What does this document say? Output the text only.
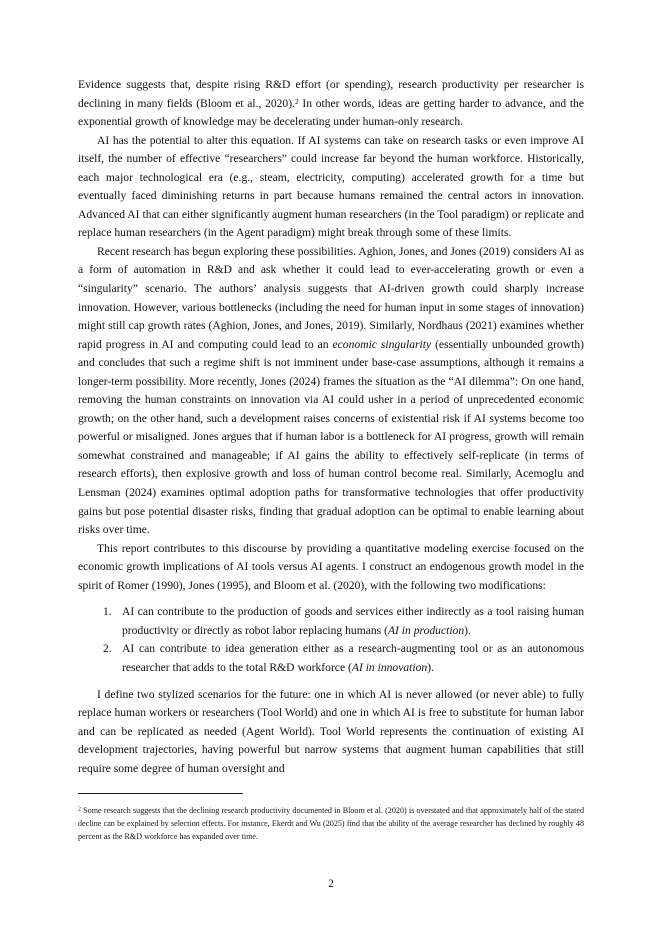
Evidence suggests that, despite rising R&D effort (or spending), research productivity per researcher is declining in many fields (Bloom et al., 2020).$^2$ In other words, ideas are getting harder to advance, and the exponential growth of knowledge may be decelerating under human-only research.

AI has the potential to alter this equation. If AI systems can take on research tasks or even improve AI itself, the number of effective “researchers” could increase far beyond the human workforce. Historically, each major technological era (e.g., steam, electricity, computing) accelerated growth for a time but eventually faced diminishing returns in part because humans remained the central actors in innovation. Advanced AI that can either significantly augment human researchers (in the Tool paradigm) or replicate and replace human researchers (in the Agent paradigm) might break through some of these limits.

Recent research has begun exploring these possibilities. Aghion, Jones, and Jones (2019) considers AI as a form of automation in R&D and ask whether it could lead to ever-accelerating growth or even a “singularity” scenario. The authors’ analysis suggests that AI-driven growth could sharply increase innovation. However, various bottlenecks (including the need for human input in some stages of innovation) might still cap growth rates (Aghion, Jones, and Jones, 2019). Similarly, Nordhaus (2021) examines whether rapid progress in AI and computing could lead to an economic singularity (essentially unbounded growth) and concludes that such a regime shift is not imminent under base-case assumptions, although it remains a longer-term possibility. More recently, Jones (2024) frames the situation as the “AI dilemma”: On one hand, removing the human constraints on innovation via AI could usher in a period of unprecedented economic growth; on the other hand, such a development raises concerns of existential risk if AI systems become too powerful or misaligned. Jones argues that if human labor is a bottleneck for AI progress, growth will remain somewhat constrained and manageable; if AI gains the ability to effectively self-replicate (in terms of research efforts), then explosive growth and loss of human control become real. Similarly, Acemoglu and Lensman (2024) examines optimal adoption paths for transformative technologies that offer productivity gains but pose potential disaster risks, finding that gradual adoption can be optimal to enable learning about risks over time.

This report contributes to this discourse by providing a quantitative modeling exercise focused on the economic growth implications of AI tools versus AI agents. I construct an endogenous growth model in the spirit of Romer (1990), Jones (1995), and Bloom et al. (2020), with the following two modifications:

AI can contribute to the production of goods and services either indirectly as a tool raising human productivity or directly as robot labor replacing humans (AI in production).
AI can contribute to idea generation either as a research-augmenting tool or as an autonomous researcher that adds to the total R&D workforce (AI in innovation).

I define two stylized scenarios for the future: one in which AI is never allowed (or never able) to fully replace human workers or researchers (Tool World) and one in which AI is free to substitute for human labor and can be replicated as needed (Agent World). Tool World represents the continuation of existing AI development trajectories, having powerful but narrow systems that augment human capabilities that still require some degree of human oversight and

$^2$ Some research suggests that the declining research productivity documented in Bloom et al. (2020) is overstated and that approximately half of the stated decline can be explained by selection effects. For instance, Ekerdt and Wu (2025) find that the ability of the average researcher has declined by roughly 48 percent as the R&D workforce has expanded over time.

2
